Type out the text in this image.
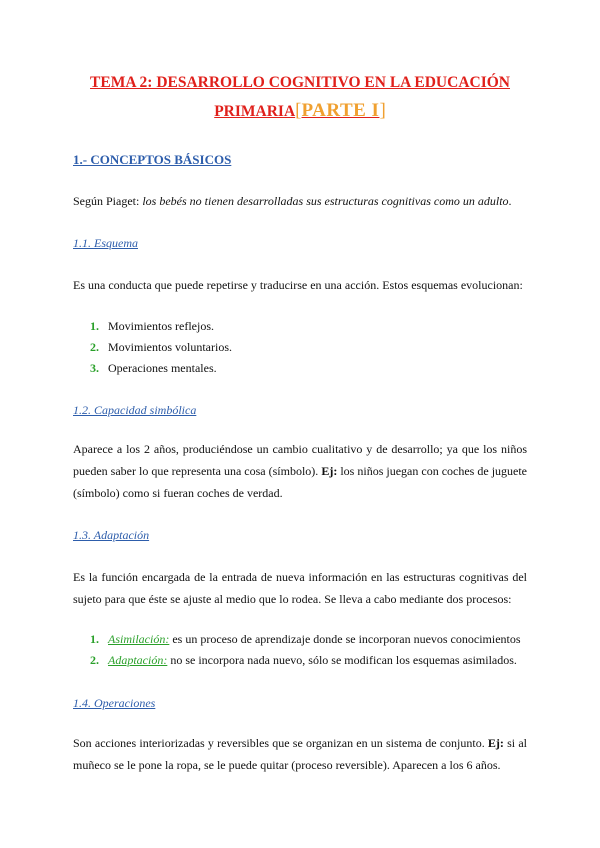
TEMA 2: DESARROLLO COGNITIVO EN LA EDUCACIÓN
PRIMARIA[PARTE I]
1.- CONCEPTOS BÁSICOS
Según Piaget: los bebés no tienen desarrolladas sus estructuras cognitivas como un adulto.
1.1. Esquema
Es una conducta que puede repetirse y traducirse en una acción. Estos esquemas evolucionan:
1. Movimientos reflejos.
2. Movimientos voluntarios.
3. Operaciones mentales.
1.2. Capacidad simbólica
Aparece a los 2 años, produciéndose un cambio cualitativo y de desarrollo; ya que los niños pueden saber lo que representa una cosa (símbolo). Ej: los niños juegan con coches de juguete (símbolo) como si fueran coches de verdad.
1.3. Adaptación
Es la función encargada de la entrada de nueva información en las estructuras cognitivas del sujeto para que éste se ajuste al medio que lo rodea. Se lleva a cabo mediante dos procesos:
1. Asimilación: es un proceso de aprendizaje donde se incorporan nuevos conocimientos
2. Adaptación: no se incorpora nada nuevo, sólo se modifican los esquemas asimilados.
1.4. Operaciones
Son acciones interiorizadas y reversibles que se organizan en un sistema de conjunto. Ej: si al muñeco se le pone la ropa, se le puede quitar (proceso reversible). Aparecen a los 6 años.
